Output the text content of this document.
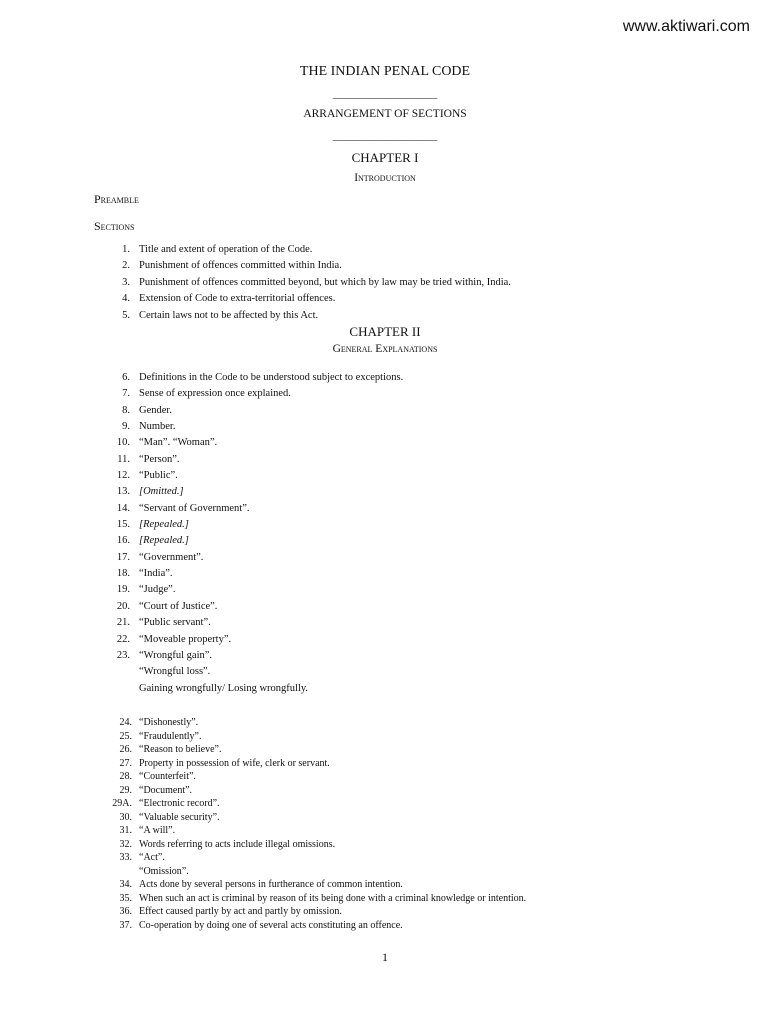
www.aktiwari.com
THE INDIAN PENAL CODE
___________________
ARRANGEMENT OF SECTIONS
___________________
CHAPTER I
Introduction
Preamble
Sections
1. Title and extent of operation of the Code.
2. Punishment of offences committed within India.
3. Punishment of offences committed beyond, but which by law may be tried within, India.
4. Extension of Code to extra-territorial offences.
5. Certain laws not to be affected by this Act.
CHAPTER II
General Explanations
6. Definitions in the Code to be understood subject to exceptions.
7. Sense of expression once explained.
8. Gender.
9. Number.
10. “Man”. “Woman”.
11. “Person”.
12. “Public”.
13. [Omitted.]
14. “Servant of Government”.
15. [Repealed.]
16. [Repealed.]
17. “Government”.
18. “India”.
19. “Judge”.
20. “Court of Justice”.
21. “Public servant”.
22. “Moveable property”.
23. “Wrongful gain”.
“Wrongful loss”.
Gaining wrongfully/ Losing wrongfully.
24. “Dishonestly”.
25. “Fraudulently”.
26. “Reason to believe”.
27. Property in possession of wife, clerk or servant.
28. “Counterfeit”.
29. “Document”.
29A. “Electronic record”.
30. “Valuable security”.
31. “A will”.
32. Words referring to acts include illegal omissions.
33. “Act”.
“Omission”.
34. Acts done by several persons in furtherance of common intention.
35. When such an act is criminal by reason of its being done with a criminal knowledge or intention.
36. Effect caused partly by act and partly by omission.
37. Co-operation by doing one of several acts constituting an offence.
1
